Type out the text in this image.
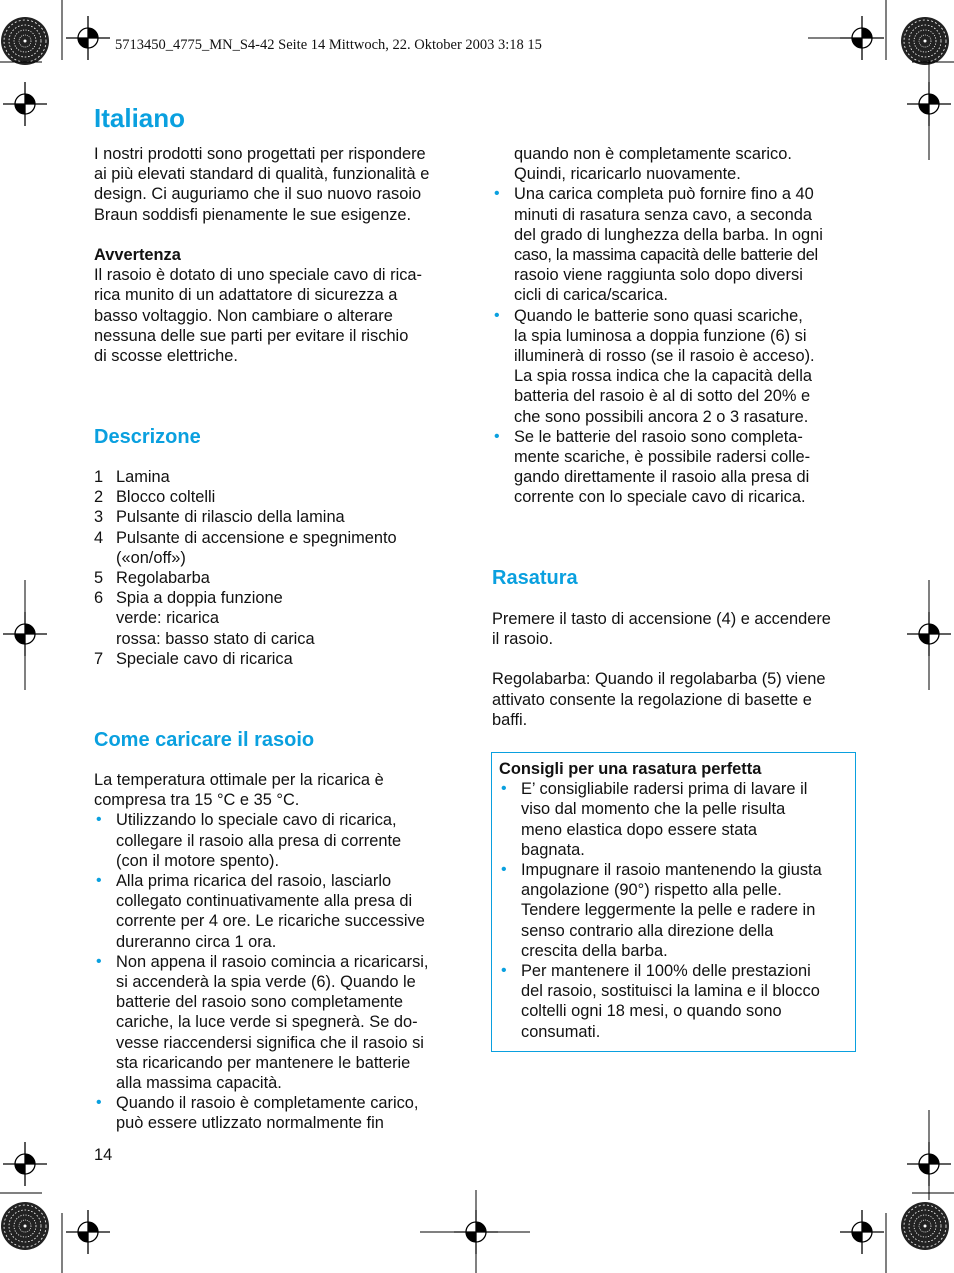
5713450_4775_MN_S4-42 Seite 14 Mittwoch, 22. Oktober 2003 3:18 15
Italiano
I nostri prodotti sono progettati per rispondere
ai più elevati standard di qualità, funzionalità e
design. Ci auguriamo che il suo nuovo rasoio
Braun soddisfi pienamente le sue esigenze.
Avvertenza
Il rasoio è dotato di uno speciale cavo di rica-
rica munito di un adattatore di sicurezza a
basso voltaggio. Non cambiare o alterare
nessuna delle sue parti per evitare il rischio
di scosse elettriche.
Descrizone
1 Lamina
2 Blocco coltelli
3 Pulsante di rilascio della lamina
4 Pulsante di accensione e spegnimento
(«on/off»)
5 Regolabarba
6 Spia a doppia funzione
verde: ricarica
rossa: basso stato di carica
7 Speciale cavo di ricarica
Come caricare il rasoio
La temperatura ottimale per la ricarica è
compresa tra 15 °C e 35 °C.
• Utilizzando lo speciale cavo di ricarica,
collegare il rasoio alla presa di corrente
(con il motore spento).
• Alla prima ricarica del rasoio, lasciarlo
collegato continuativamente alla presa di
corrente per 4 ore. Le ricariche successive
dureranno circa 1 ora.
• Non appena il rasoio comincia a ricaricarsi,
si accenderà la spia verde (6). Quando le
batterie del rasoio sono completamente
cariche, la luce verde si spegnerà. Se do-
vesse riaccendersi significa che il rasoio si
sta ricaricando per mantenere le batterie
alla massima capacità.
• Quando il rasoio è completamente carico,
può essere utlizzato normalmente fin
14
quando non è completamente scarico.
Quindi, ricaricarlo nuovamente.
• Una carica completa può fornire fino a 40
minuti di rasatura senza cavo, a seconda
del grado di lunghezza della barba. In ogni
caso, la massima capacità delle batterie del
rasoio viene raggiunta solo dopo diversi
cicli di carica/scarica.
• Quando le batterie sono quasi scariche,
la spia luminosa a doppia funzione (6) si
illuminerà di rosso (se il rasoio è acceso).
La spia rossa indica che la capacità della
batteria del rasoio è al di sotto del 20% e
che sono possibili ancora 2 o 3 rasature.
• Se le batterie del rasoio sono completa-
mente scariche, è possibile radersi colle-
gando direttamente il rasoio alla presa di
corrente con lo speciale cavo di ricarica.
Rasatura
Premere il tasto di accensione (4) e accendere
il rasoio.
Regolabarba: Quando il regolabarba (5) viene
attivato consente la regolazione di basette e
baffi.
Consigli per una rasatura perfetta
• E’ consigliabile radersi prima di lavare il
viso dal momento che la pelle risulta
meno elastica dopo essere stata
bagnata.
• Impugnare il rasoio mantenendo la giusta
angolazione (90°) rispetto alla pelle.
Tendere leggermente la pelle e radere in
senso contrario alla direzione della
crescita della barba.
• Per mantenere il 100% delle prestazioni
del rasoio, sostituisci la lamina e il blocco
coltelli ogni 18 mesi, o quando sono
consumati.
